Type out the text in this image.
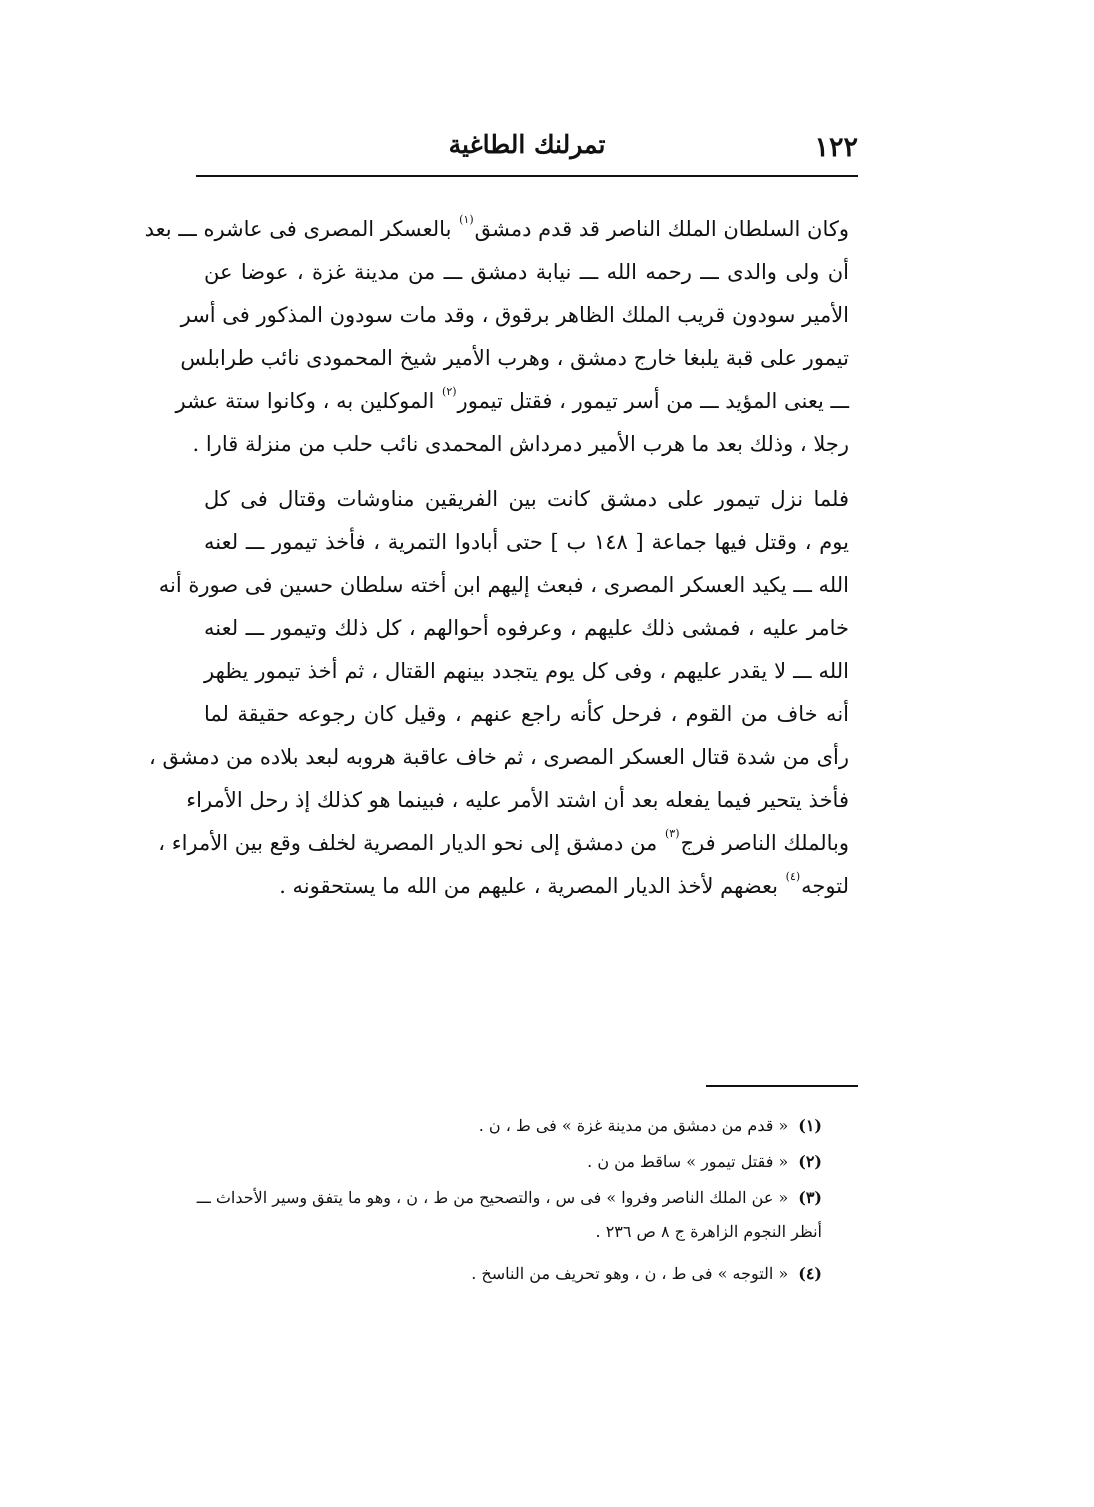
١٢٢
تمرلنك الطاغية

وكان السلطان الملك الناصر قد قدم دمشق$^{(١)}$ بالعسكر المصرى فى عاشره ـــ بعد
أن ولى والدى ـــ رحمه الله ـــ نيابة دمشق ـــ من مدينة غزة ، عوضا عن
الأمير سودون قريب الملك الظاهر برقوق ، وقد مات سودون المذكور فى أسر
تيمور على قبة يلبغا خارج دمشق ، وهرب الأمير شيخ المحمودى نائب طرابلس
ـــ يعنى المؤيد ـــ من أسر تيمور ، فقتل تيمور$^{(٢)}$ الموكلين به ، وكانوا ستة عشر
رجلا ، وذلك بعد ما هرب الأمير دمرداش المحمدى نائب حلب من منزلة قارا .

فلما نزل تيمور على دمشق كانت بين الفريقين مناوشات وقتال فى كل
يوم ، وقتل فيها جماعة [ ١٤٨ ب ] حتى أبادوا التمرية ، فأخذ تيمور ـــ لعنه
الله ـــ يكيد العسكر المصرى ، فبعث إليهم ابن أخته سلطان حسين فى صورة أنه
خامر عليه ، فمشى ذلك عليهم ، وعرفوه أحوالهم ، كل ذلك وتيمور ـــ لعنه
الله ـــ لا يقدر عليهم ، وفى كل يوم يتجدد بينهم القتال ، ثم أخذ تيمور يظهر
أنه خاف من القوم ، فرحل كأنه راجع عنهم ، وقيل كان رجوعه حقيقة لما
رأى من شدة قتال العسكر المصرى ، ثم خاف عاقبة هروبه لبعد بلاده من دمشق ،
فأخذ يتحير فيما يفعله بعد أن اشتد الأمر عليه ، فبينما هو كذلك إذ رحل الأمراء
وبالملك الناصر فرج$^{(٣)}$ من دمشق إلى نحو الديار المصرية لخلف وقع بين الأمراء ،
لتوجه$^{(٤)}$ بعضهم لأخذ الديار المصرية ، عليهم من الله ما يستحقونه .

(١)« قدم من دمشق من مدينة غزة » فى ط ، ن .
(٢)« فقتل تيمور » ساقط من ن .
(٣)« عن الملك الناصر وفروا » فى س ، والتصحيح من ط ، ن ، وهو ما يتفق وسير الأحداث ـــ
أنظر النجوم الزاهرة ج ٨ ص ٢٣٦ .
(٤)« التوجه » فى ط ، ن ، وهو تحريف من الناسخ .
